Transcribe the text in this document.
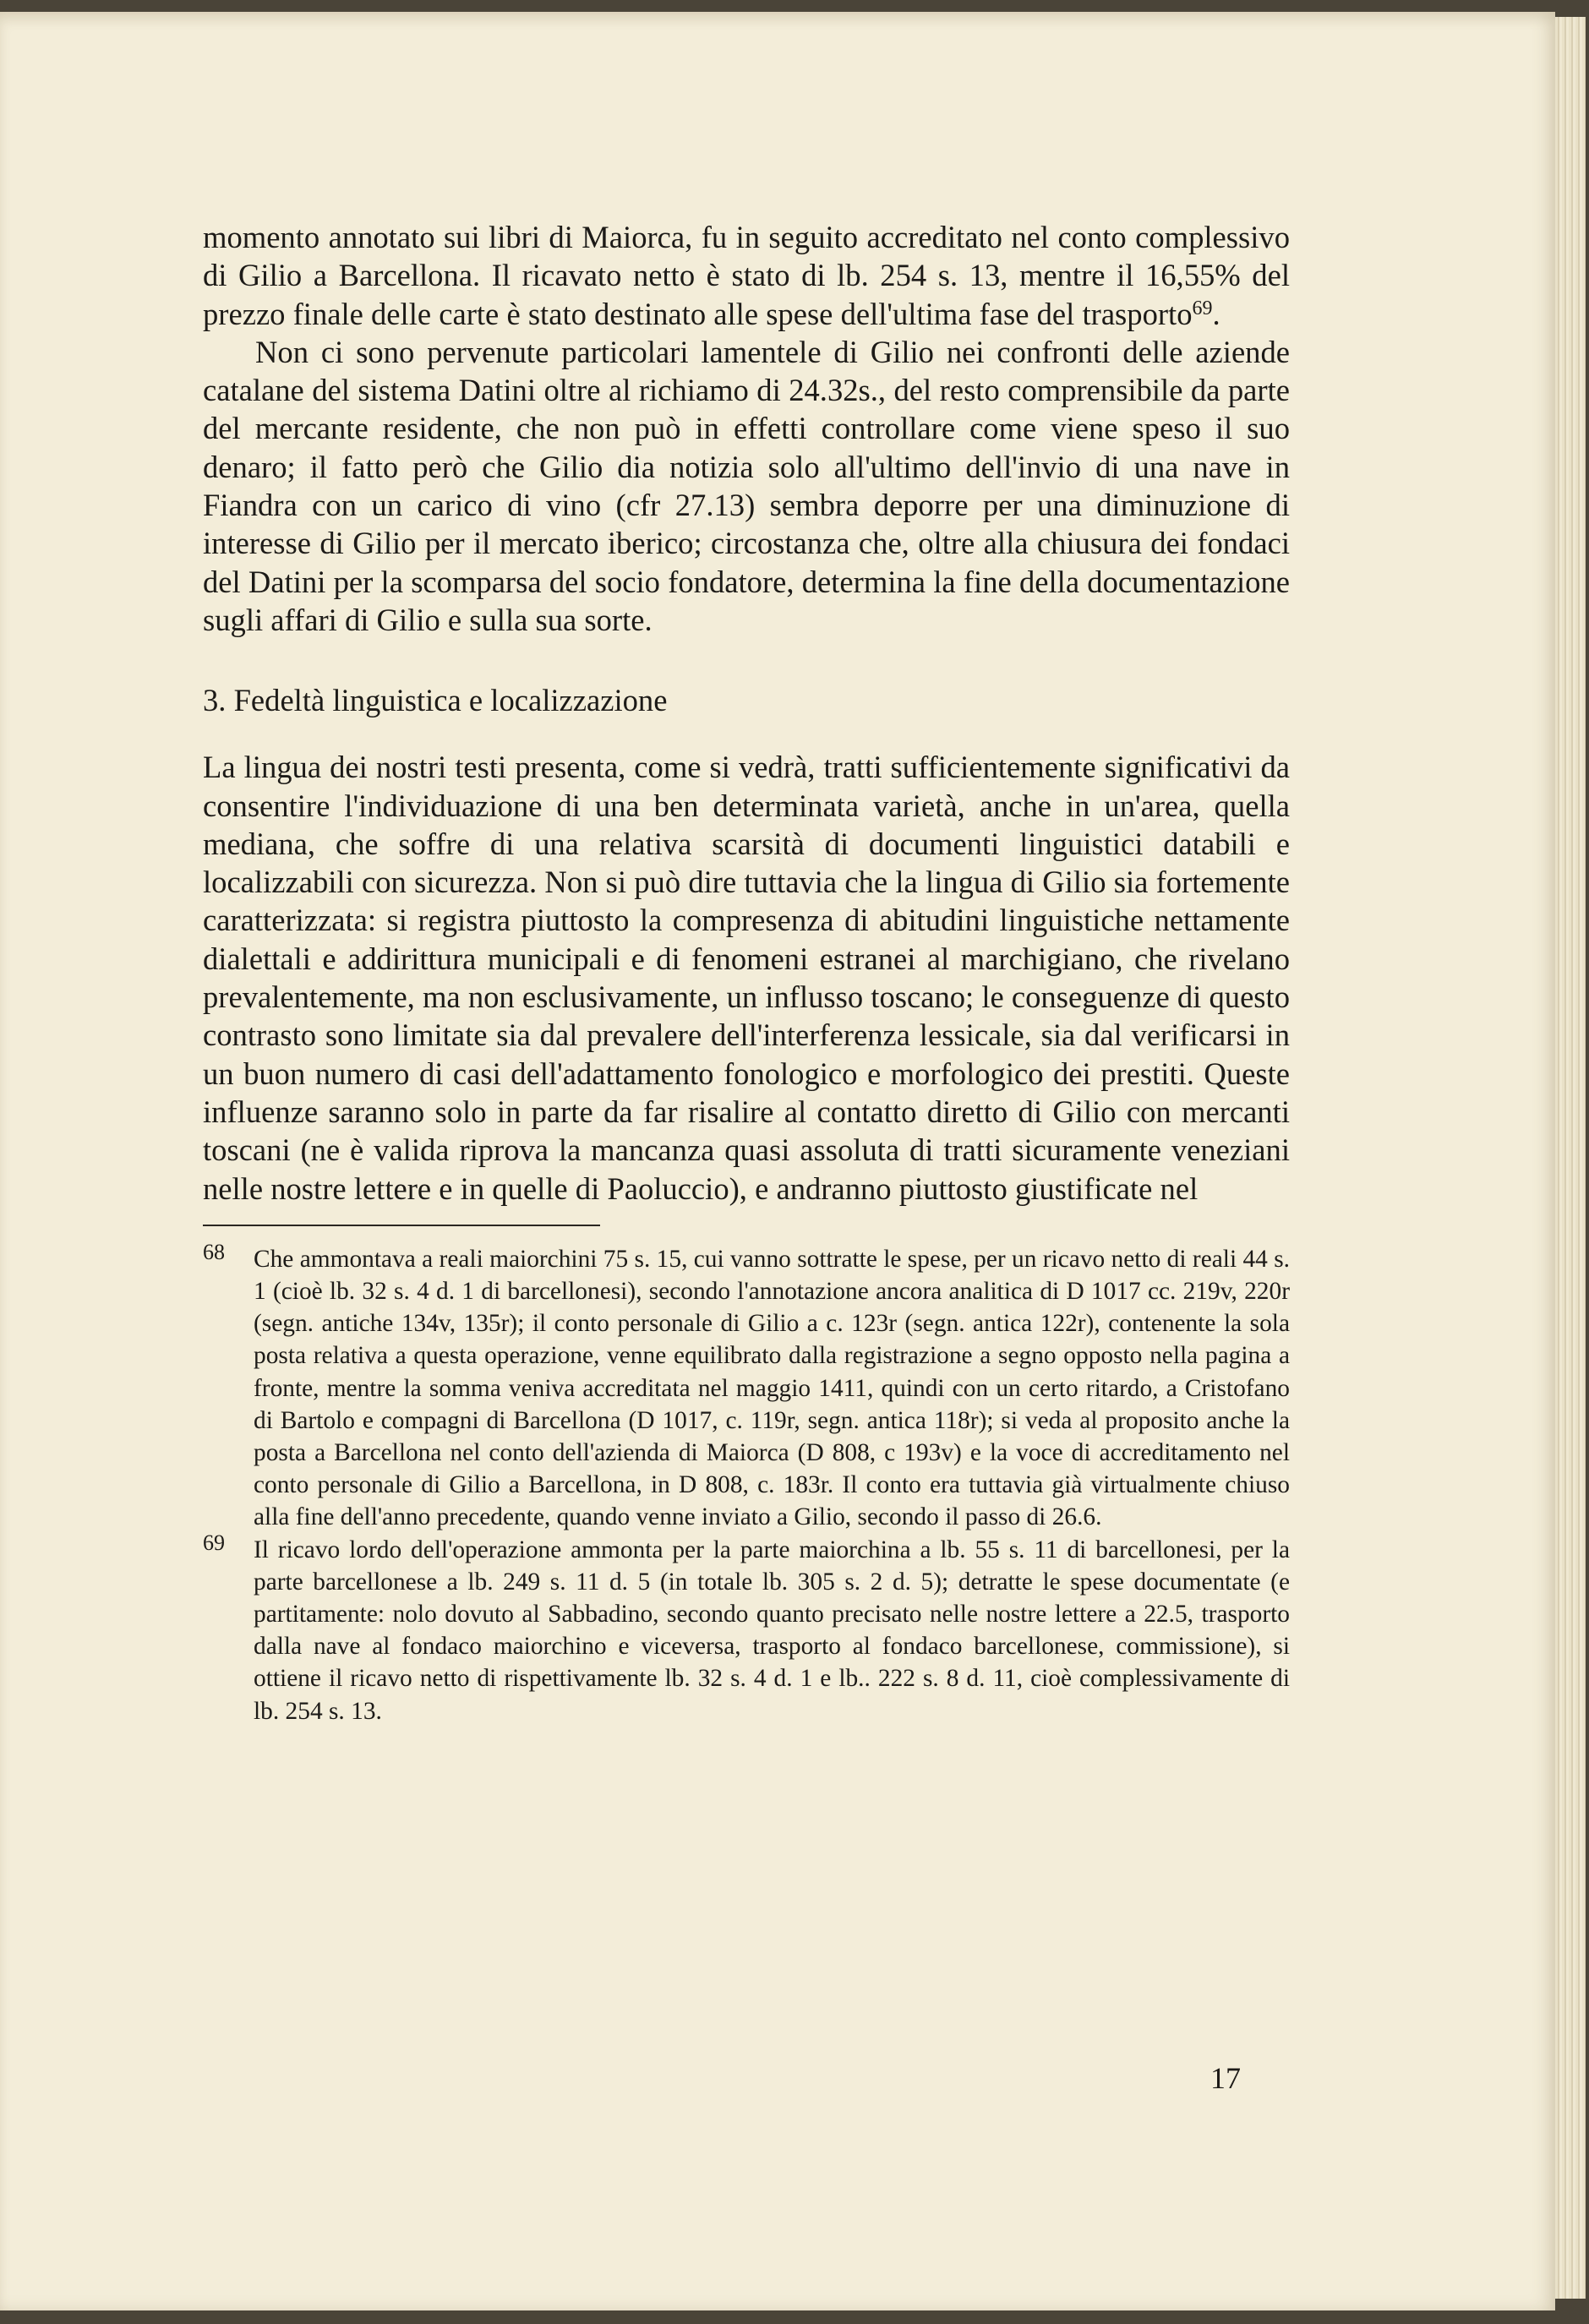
momento annotato sui libri di Maiorca, fu in seguito accreditato nel conto complessivo di Gilio a Barcellona. Il ricavato netto è stato di lb. 254 s. 13, mentre il 16,55% del prezzo finale delle carte è stato destinato alle spese dell'ultima fase del trasporto$^{69}$.

Non ci sono pervenute particolari lamentele di Gilio nei confronti delle aziende catalane del sistema Datini oltre al richiamo di 24.32s., del resto comprensibile da parte del mercante residente, che non può in effetti controllare come viene speso il suo denaro; il fatto però che Gilio dia notizia solo all'ultimo dell'invio di una nave in Fiandra con un carico di vino (cfr 27.13) sembra deporre per una diminuzione di interesse di Gilio per il mercato iberico; circostanza che, oltre alla chiusura dei fondaci del Datini per la scomparsa del socio fondatore, determina la fine della documentazione sugli affari di Gilio e sulla sua sorte.

3. Fedeltà linguistica e localizzazione

La lingua dei nostri testi presenta, come si vedrà, tratti sufficientemente significativi da consentire l'individuazione di una ben determinata varietà, anche in un'area, quella mediana, che soffre di una relativa scarsità di documenti linguistici databili e localizzabili con sicurezza. Non si può dire tuttavia che la lingua di Gilio sia fortemente caratterizzata: si registra piuttosto la compresenza di abitudini linguistiche nettamente dialettali e addirittura municipali e di fenomeni estranei al marchigiano, che rivelano prevalentemente, ma non esclusivamente, un influsso toscano; le conseguenze di questo contrasto sono limitate sia dal prevalere dell'interferenza lessicale, sia dal verificarsi in un buon numero di casi dell'adattamento fonologico e morfologico dei prestiti. Queste influenze saranno solo in parte da far risalire al contatto diretto di Gilio con mercanti toscani (ne è valida riprova la mancanza quasi assoluta di tratti sicuramente veneziani nelle nostre lettere e in quelle di Paoluccio), e andranno piuttosto giustificate nel

68 Che ammontava a reali maiorchini 75 s. 15, cui vanno sottratte le spese, per un ricavo netto di reali 44 s. 1 (cioè lb. 32 s. 4 d. 1 di barcellonesi), secondo l'annotazione ancora analitica di D 1017 cc. 219v, 220r (segn. antiche 134v, 135r); il conto personale di Gilio a c. 123r (segn. antica 122r), contenente la sola posta relativa a questa operazione, venne equilibrato dalla registrazione a segno opposto nella pagina a fronte, mentre la somma veniva accreditata nel maggio 1411, quindi con un certo ritardo, a Cristofano di Bartolo e compagni di Barcellona (D 1017, c. 119r, segn. antica 118r); si veda al proposito anche la posta a Barcellona nel conto dell'azienda di Maiorca (D 808, c 193v) e la voce di accreditamento nel conto personale di Gilio a Barcellona, in D 808, c. 183r. Il conto era tuttavia già virtualmente chiuso alla fine dell'anno precedente, quando venne inviato a Gilio, secondo il passo di 26.6.
69 Il ricavo lordo dell'operazione ammonta per la parte maiorchina a lb. 55 s. 11 di barcellonesi, per la parte barcellonese a lb. 249 s. 11 d. 5 (in totale lb. 305 s. 2 d. 5); detratte le spese documentate (e partitamente: nolo dovuto al Sabbadino, secondo quanto precisato nelle nostre lettere a 22.5, trasporto dalla nave al fondaco maiorchino e viceversa, trasporto al fondaco barcellonese, commissione), si ottiene il ricavo netto di rispettivamente lb. 32 s. 4 d. 1 e lb.. 222 s. 8 d. 11, cioè complessivamente di lb. 254 s. 13.
17
